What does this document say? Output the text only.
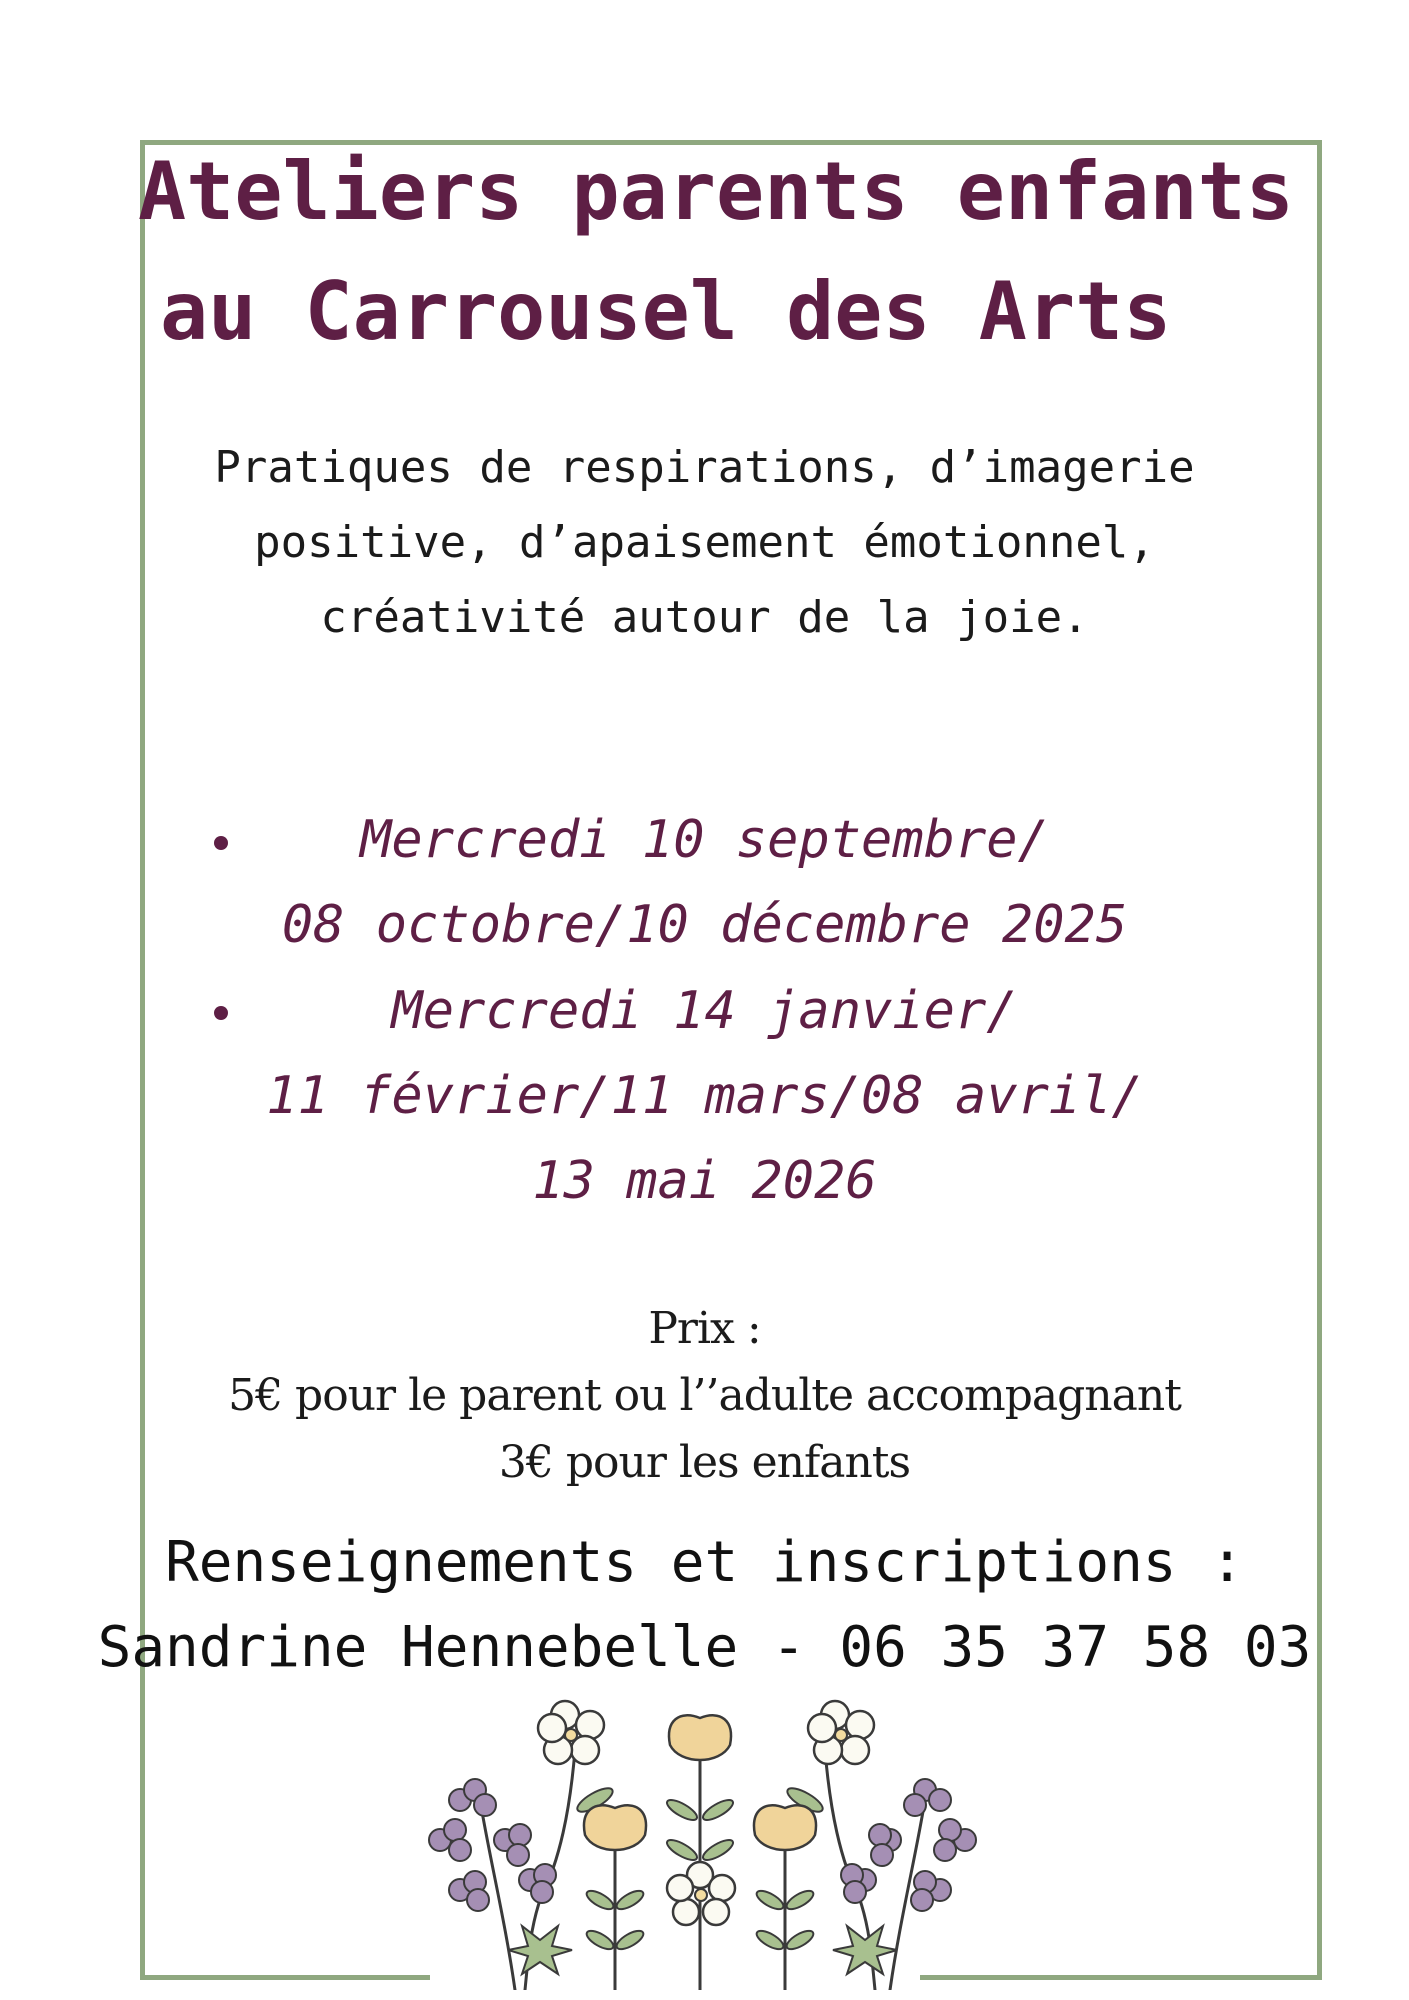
Ateliers parents enfants
au Carrousel des Arts

Pratiques de respirations, d’imagerie

positive, d’apaisement émotionnel,

créativité autour de la joie.

Mercredi 10 septembre/

08 octobre/10 décembre 2025

Mercredi 14 janvier/

11 février/11 mars/08 avril/

13 mai 2026

Prix :

5€ pour le parent ou l’’adulte accompagnant

3€ pour les enfants

Renseignements et inscriptions :

Sandrine Hennebelle - 06 35 37 58 03
